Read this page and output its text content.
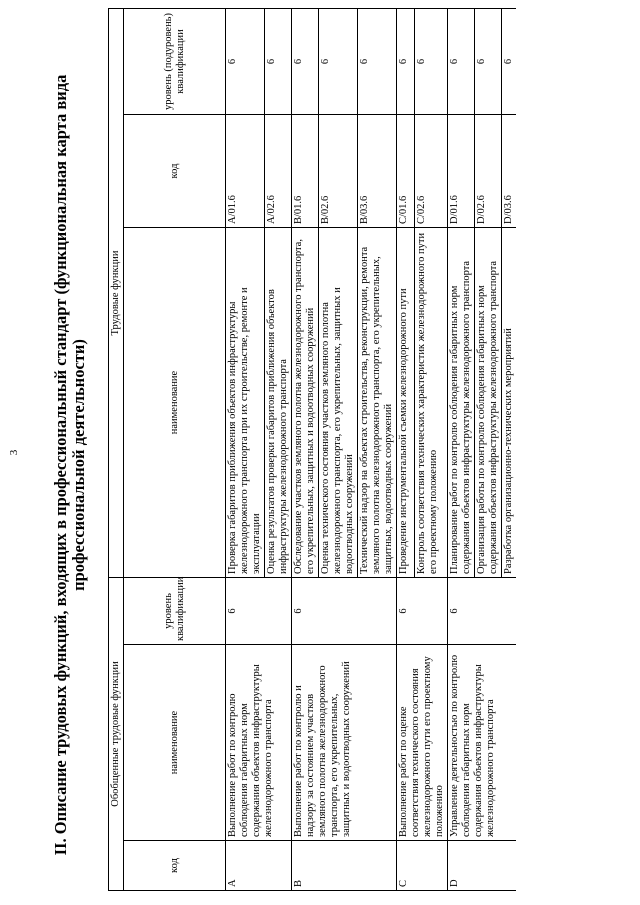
3 II. Описание трудовых функций, входящих в профессиональный стандарт (функциональная карта вида профессиональной деятельности)
Обобщенные трудовые функции			Трудовые функции		
код	наименование	уровень квалификации	наименование	код	уровень (подуровень) квалификации
A	Выполнение работ по контролю соблюдения габаритных норм содержания объектов инфраструктуры железнодорожного транспорта	6	Проверка габаритов приближения объектов инфраструктуры железнодорожного транспорта при их строительстве, ремонте и эксплуатации	A/01.6	6
			Оценка результатов проверки габаритов приближения объектов инфраструктуры железнодорожного транспорта	A/02.6	6
B	Выполнение работ по контролю и надзору за состоянием участков земляного полотна железнодорожного транспорта, его укрепительных, защитных и водоотводных сооружений	6	Обследование участков земляного полотна железнодорожного транспорта, его укрепительных, защитных и водоотводных сооружений	B/01.6	6
			Оценка технического состояния участков земляного полотна железнодорожного транспорта, его укрепительных, защитных и водоотводных сооружений	B/02.6	6
			Технический надзор на объектах строительства, реконструкции, ремонта земляного полотна железнодорожного транспорта, его укрепительных, защитных, водоотводных сооружений	B/03.6	6
C	Выполнение работ по оценке соответствия технического состояния железнодорожного пути его проектному положению	6	Проведение инструментальной съемки железнодорожного пути	C/01.6	6
			Контроль соответствия технических характеристик железнодорожного пути его проектному положению	C/02.6	6
D	Управление деятельностью по контролю соблюдения габаритных норм содержания объектов инфраструктуры железнодорожного транспорта	6	Планирование работ по контролю соблюдения габаритных норм содержания объектов инфраструктуры железнодорожного транспорта	D/01.6	6
			Организация работы по контролю соблюдения габаритных норм содержания объектов инфраструктуры железнодорожного транспорта	D/02.6	6
			Разработка организационно-технических мероприятий	D/03.6	6
